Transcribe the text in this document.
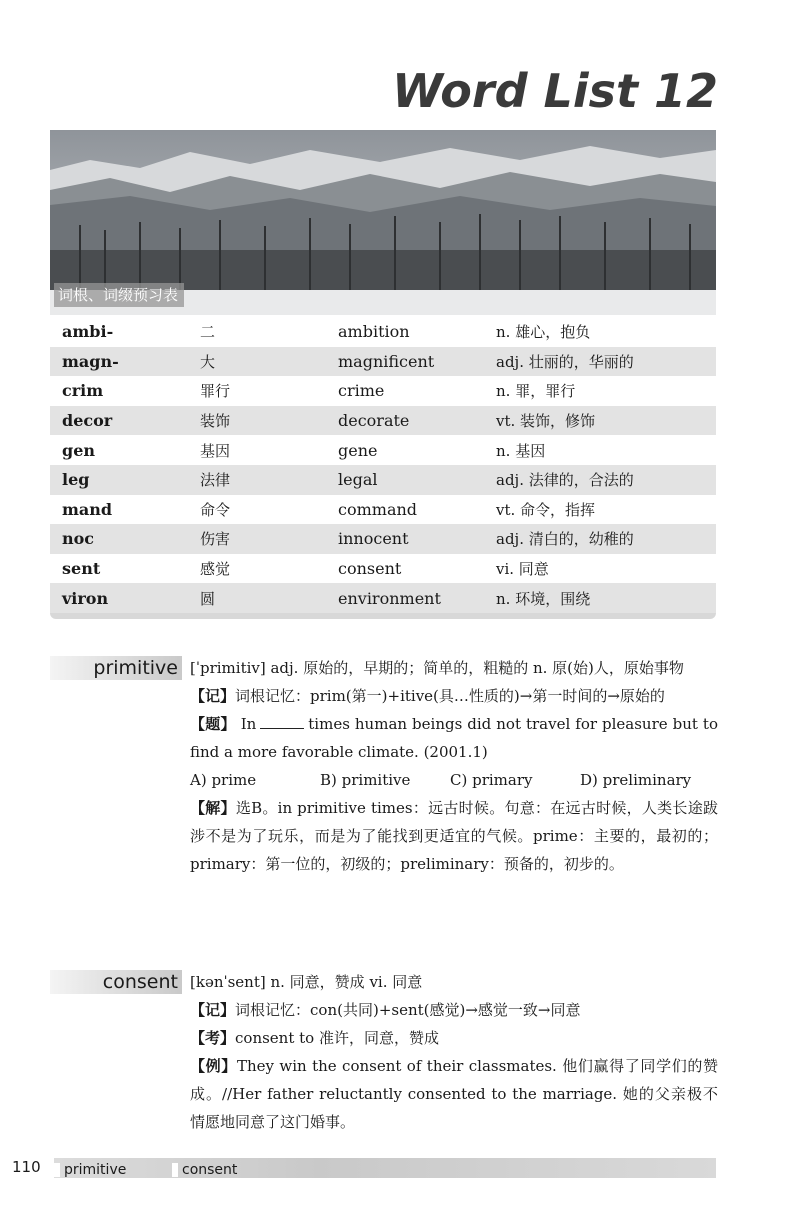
Word List 12
词根、词缀预习表
ambi-	二	ambition	n. 雄心，抱负
magn-	大	magnificent	adj. 壮丽的，华丽的
crim	罪行	crime	n. 罪，罪行
decor	装饰	decorate	vt. 装饰，修饰
gen	基因	gene	n. 基因
leg	法律	legal	adj. 法律的，合法的
mand	命令	command	vt. 命令，指挥
noc	伤害	innocent	adj. 清白的，幼稚的
sent	感觉	consent	vi. 同意
viron	圆	environment	n. 环境，围绕
primitive [ˈprimitiv] adj. 原始的，早期的；简单的，粗糙的 n. 原(始)人，原始事物

【记】词根记忆：prim(第一)+itive(具…性质的)→第一时间的→原始的

【题】 In	times human beings did not travel for pleasure but to find a more favorable climate. (2001.1)

A) prime	B) primitive	C) primary	D) preliminary

【解】选B。in primitive times：远古时候。句意：在远古时候，人类长途跋涉不是为了玩乐，而是为了能找到更适宜的气候。prime：主要的，最初的；primary：第一位的，初级的；preliminary：预备的，初步的。

consent [kənˈsent] n. 同意，赞成 vi. 同意

【记】词根记忆：con(共同)+sent(感觉)→感觉一致→同意

【考】consent to 准许，同意，赞成

【例】They win the consent of their classmates. 他们赢得了同学们的赞成。//Her father reluctantly consented to the marriage. 她的父亲极不情愿地同意了这门婚事。

110	primitive	consent
